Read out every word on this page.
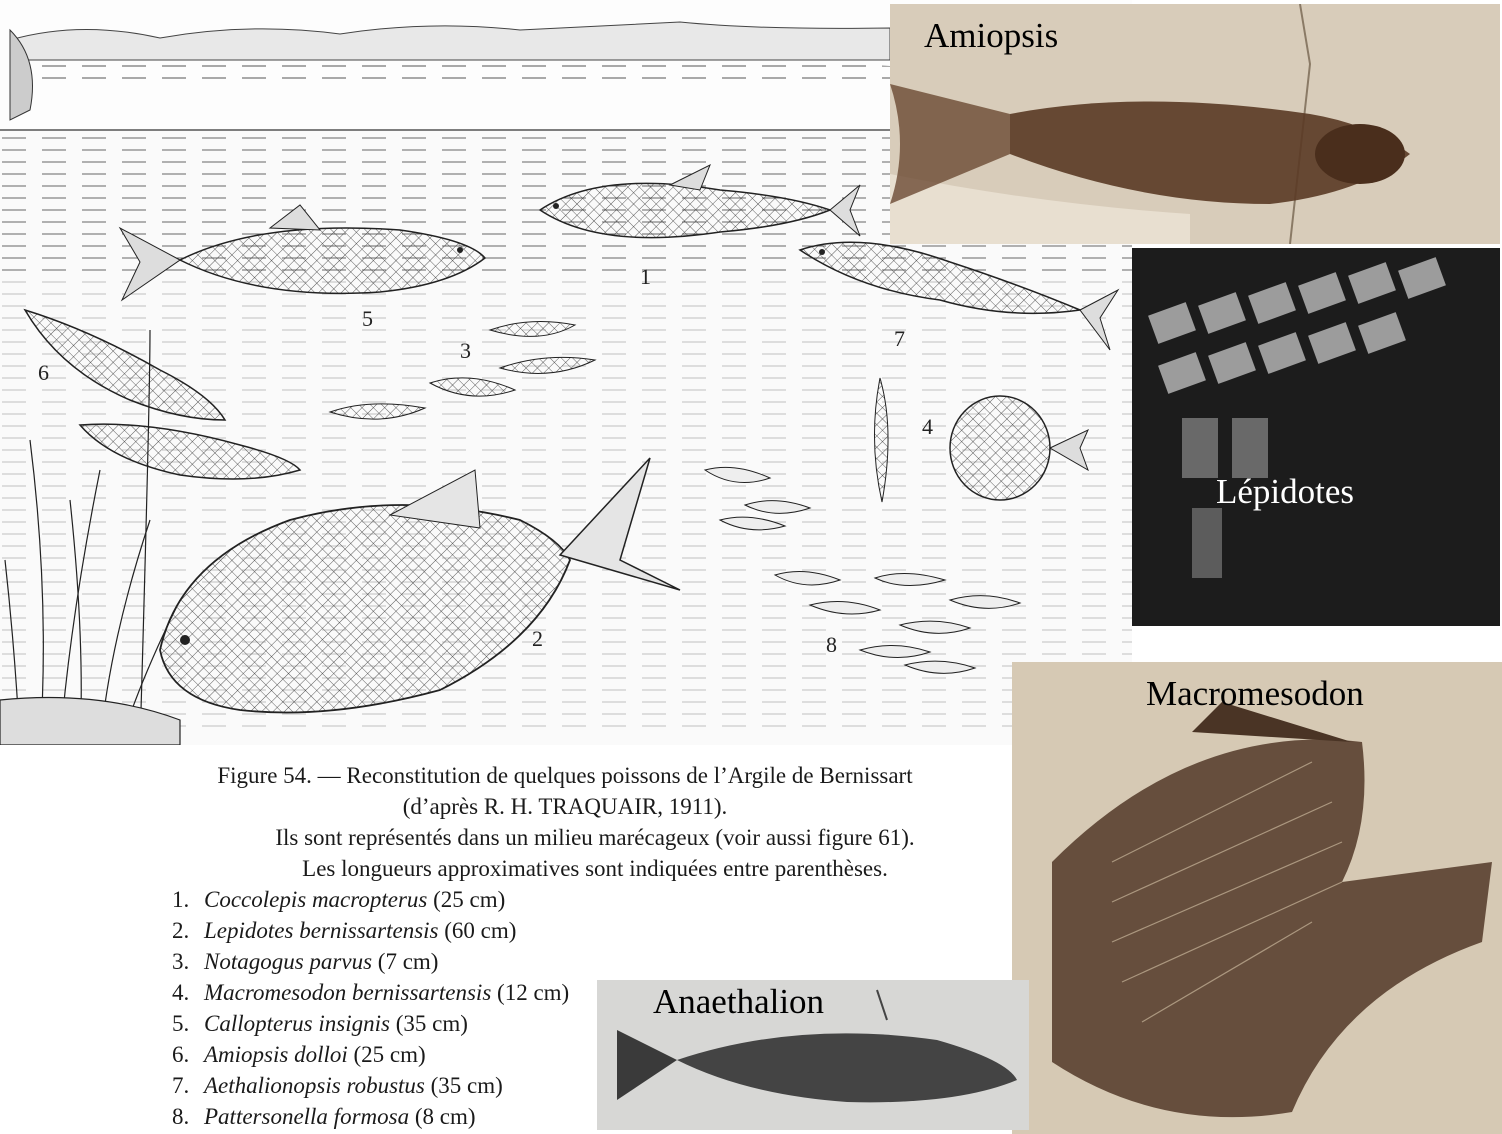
1
2
3
4
5
6
7
8
Amiopsis
Lépidotes
Macromesodon
Anaethalion
Figure 54. — Reconstitution de quelques poissons de l’Argile de Bernissart
(d’après R. H. TRAQUAIR, 1911).
Ils sont représentés dans un milieu marécageux (voir aussi figure 61).
Les longueurs approximatives sont indiquées entre parenthèses.
1. Coccolepis macropterus (25 cm)
2. Lepidotes bernissartensis (60 cm)
3. Notagogus parvus (7 cm)
4. Macromesodon bernissartensis (12 cm)
5. Callopterus insignis (35 cm)
6. Amiopsis dolloi (25 cm)
7. Aethalionopsis robustus (35 cm)
8. Pattersonella formosa (8 cm)
